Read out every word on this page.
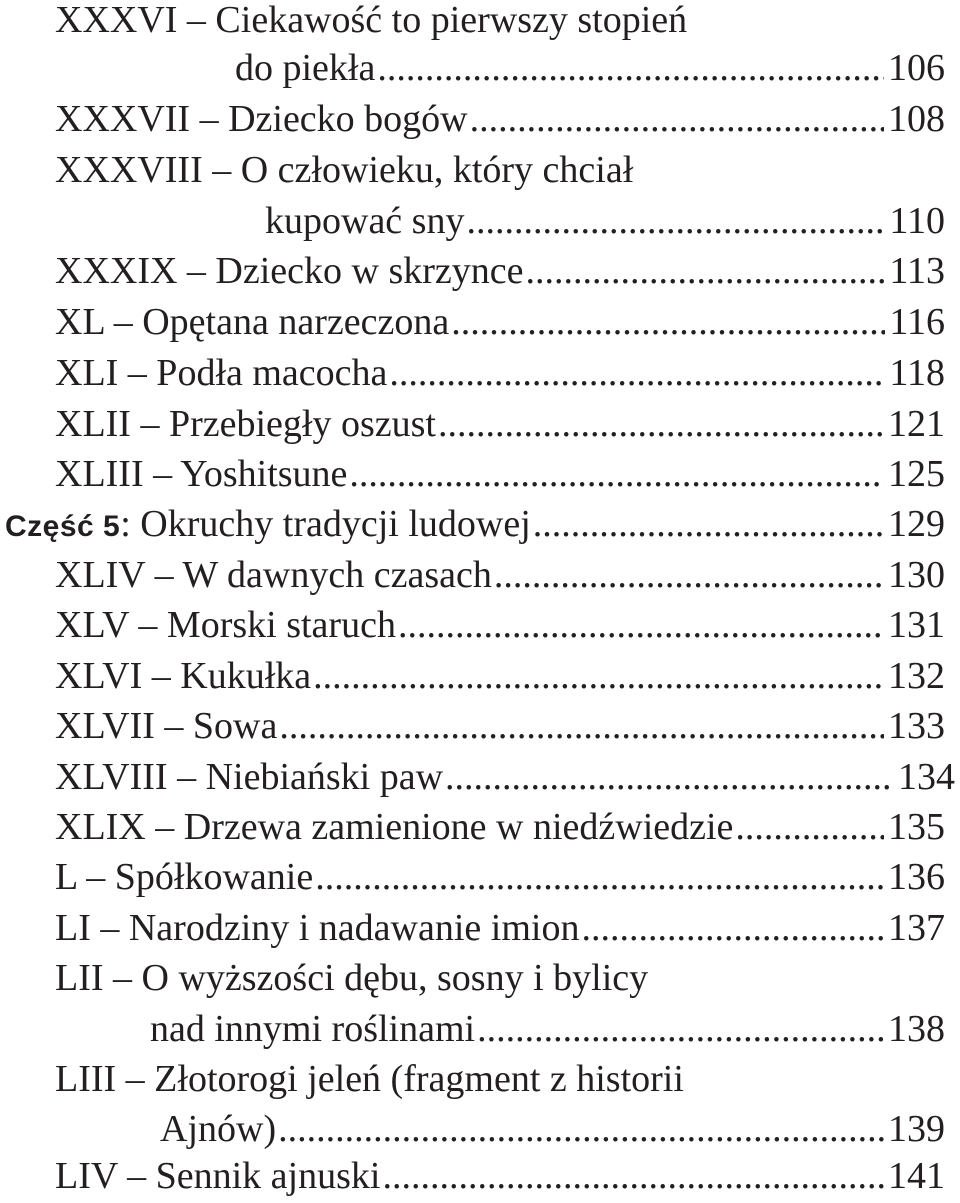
XXXVI – Ciekawość to pierwszy stopień
do piekła .....	106
XXXVII – Dziecko bogów .....	108
XXXVIII – O człowieku, który chciał
kupować sny .....	110
XXXIX – Dziecko w skrzynce .....	113
XL – Opętana narzeczona .....	116
XLI – Podła macocha .....	118
XLII – Przebiegły oszust .....	121
XLIII – Yoshitsune .....	125
Część 5: Okruchy tradycji ludowej .....	129
XLIV – W dawnych czasach .....	130
XLV – Morski staruch .....	131
XLVI – Kukułka .....	132
XLVII – Sowa .....	133
XLVIII – Niebiański paw .....	134
XLIX – Drzewa zamienione w niedźwiedzie .....	135
L – Spółkowanie .....	136
LI – Narodziny i nadawanie imion .....	137
LII – O wyższości dębu, sosny i bylicy
nad innymi roślinami .....	138
LIII – Złotorogi jeleń (fragment z historii
Ajnów) .....	139
LIV – Sennik ajnuski .....	141
